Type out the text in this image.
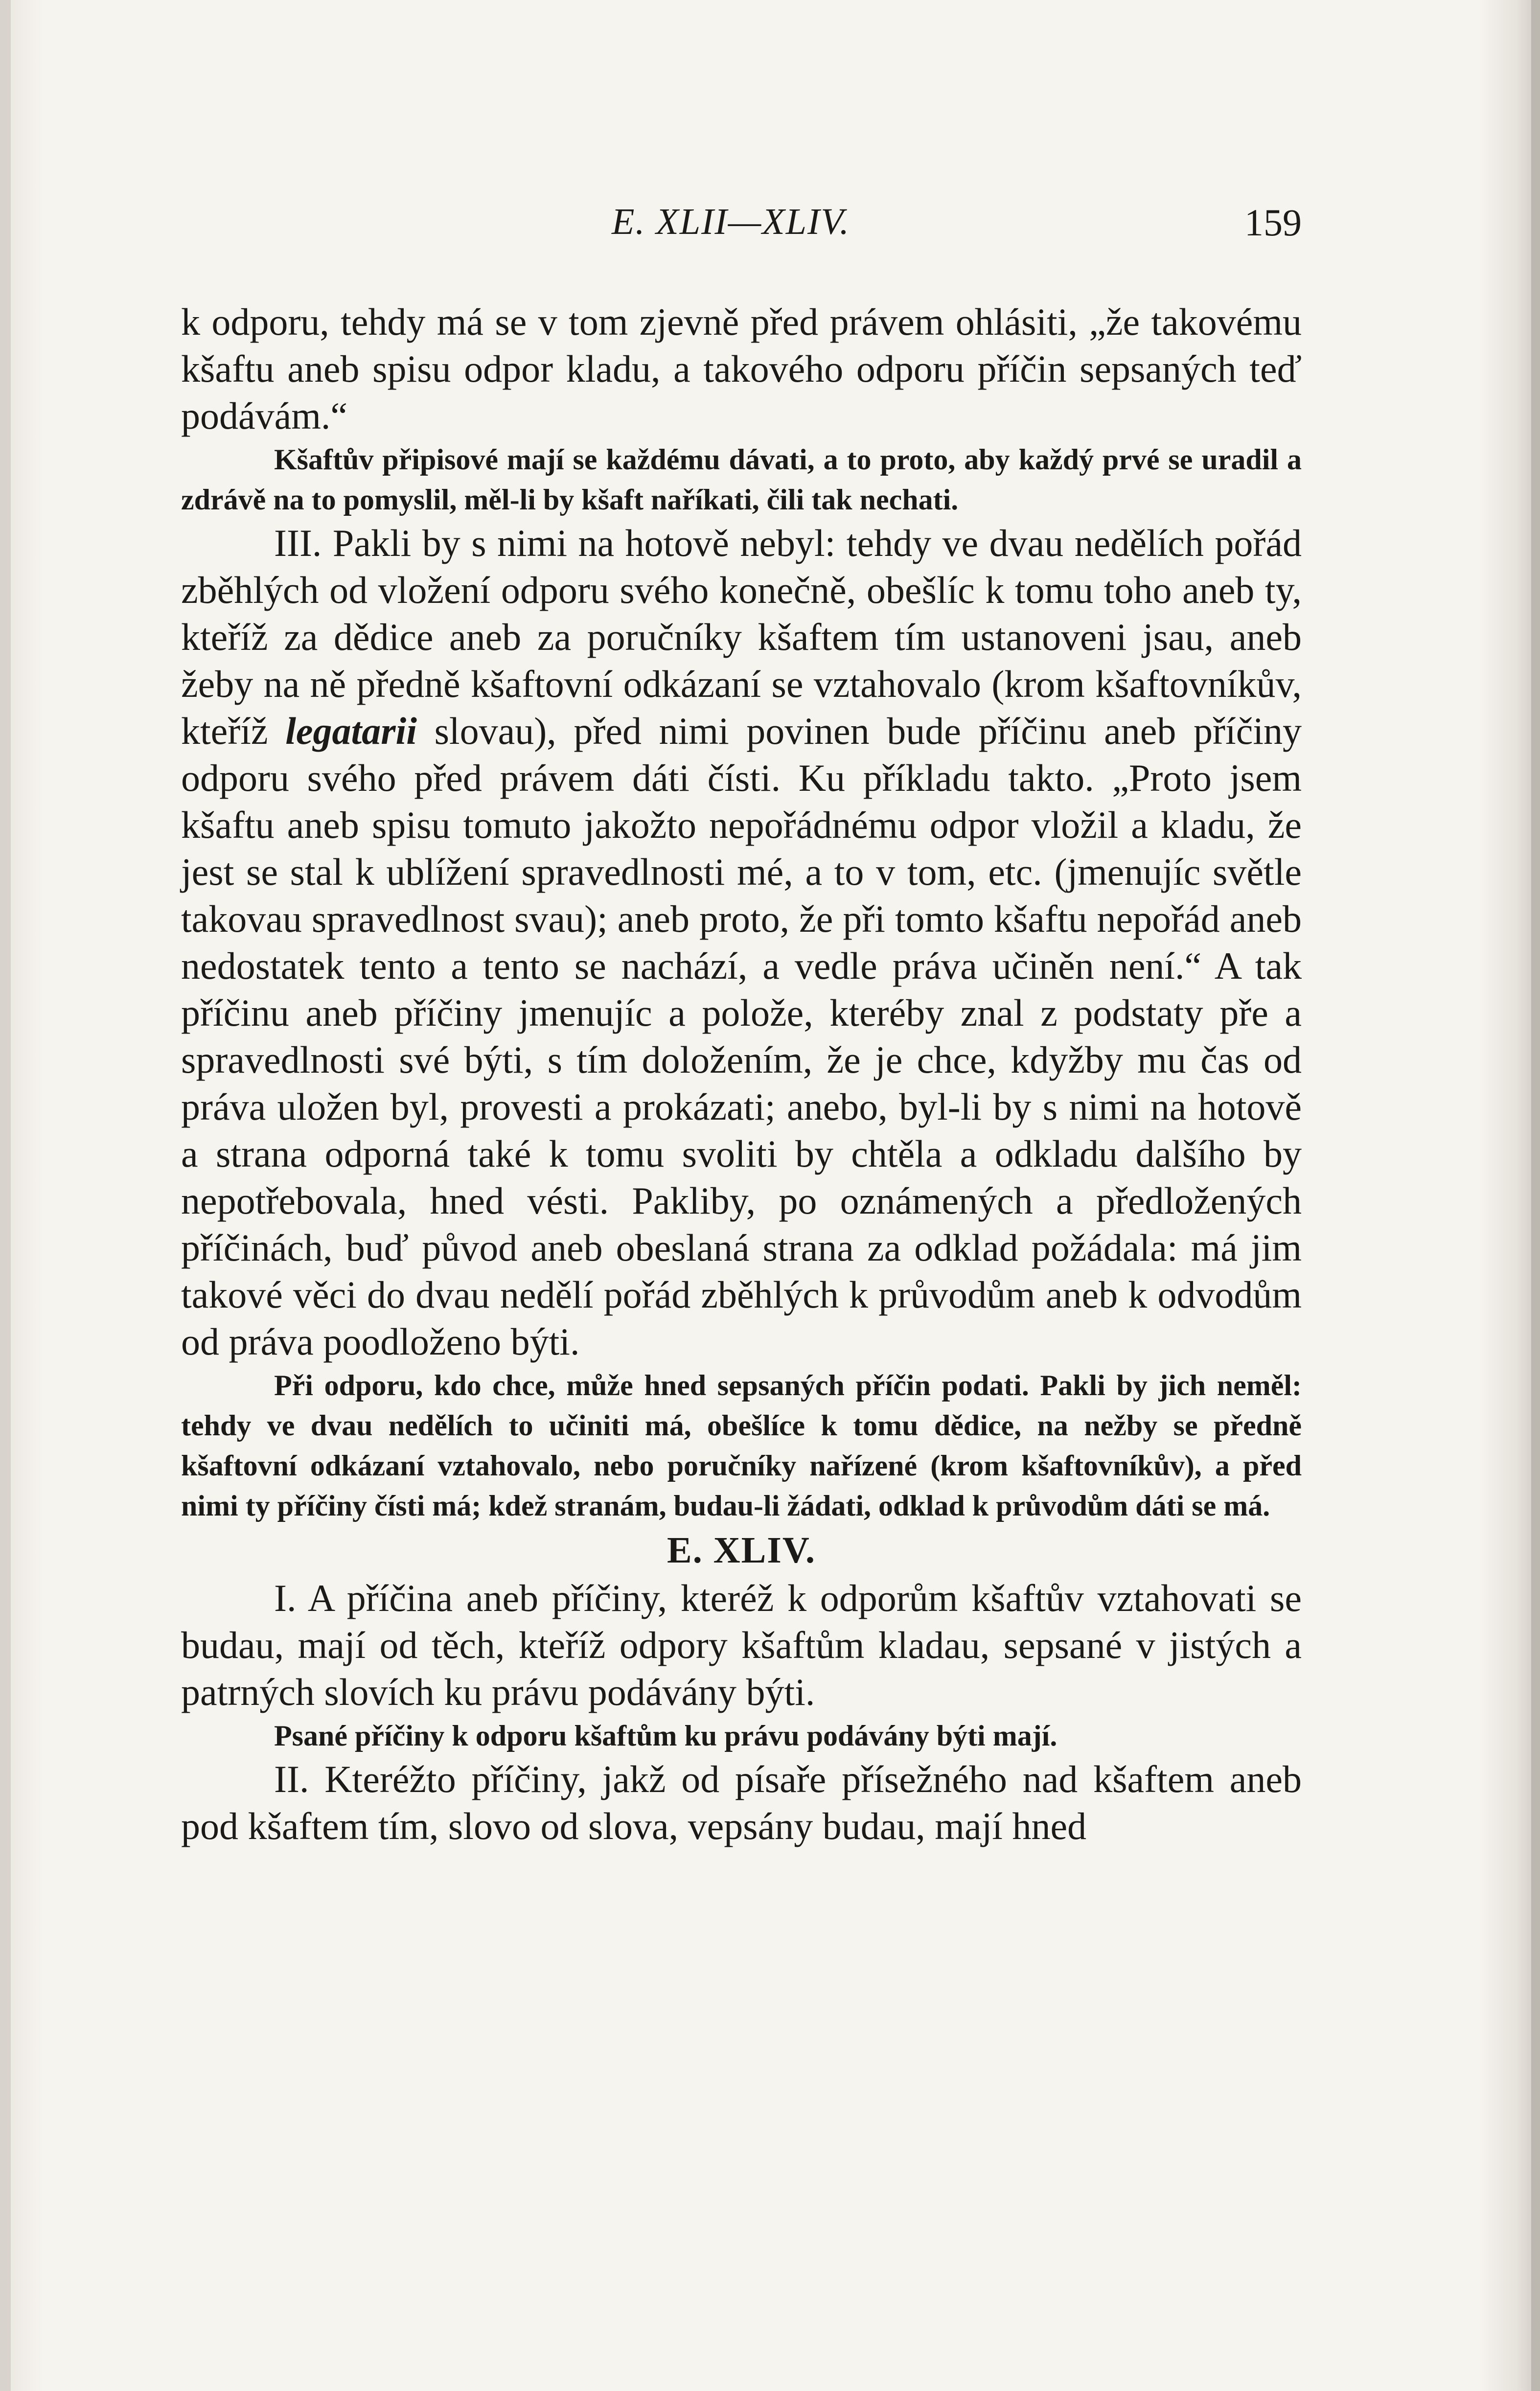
E. XLII—XLIV.	159

k odporu, tehdy má se v tom zjevně před právem ohlásiti, „že takovému kšaftu aneb spisu odpor kladu, a takového odporu příčin sepsaných teď podávám.“

Kšaftův připisové mají se každému dávati, a to proto, aby každý prvé se uradil a zdrávě na to pomyslil, měl-li by kšaft naříkati, čili tak nechati.

III. Pakli by s nimi na hotově nebyl: tehdy ve dvau nedělích pořád zběhlých od vložení odporu svého konečně, obešlíc k tomu toho aneb ty, kteříž za dědice aneb za poručníky kšaftem tím ustanoveni jsau, aneb žeby na ně předně kšaftovní odkázaní se vztahovalo (krom kšaftovníkův, kteříž legatarii slovau), před nimi povinen bude příčinu aneb příčiny odporu svého před právem dáti čísti. Ku příkladu takto. „Proto jsem kšaftu aneb spisu tomuto jakožto nepořádnému odpor vložil a kladu, že jest se stal k ublížení spravedlnosti mé, a to v tom, etc. (jmenujíc světle takovau spravedlnost svau); aneb proto, že při tomto kšaftu nepořád aneb nedostatek tento a tento se nachází, a vedle práva učiněn není.“ A tak příčinu aneb příčiny jmenujíc a polože, kteréby znal z podstaty pře a spravedlnosti své býti, s tím doložením, že je chce, kdyžby mu čas od práva uložen byl, provesti a prokázati; anebo, byl-li by s nimi na hotově a strana odporná také k tomu svoliti by chtěla a odkladu dalšího by nepotřebovala, hned vésti. Pakliby, po oznámených a předložených příčinách, buď původ aneb obeslaná strana za odklad požádala: má jim takové věci do dvau nedělí pořád zběhlých k průvodům aneb k odvodům od práva poodloženo býti.

Při odporu, kdo chce, může hned sepsaných příčin podati. Pakli by jich neměl: tehdy ve dvau nedělích to učiniti má, obešlíce k tomu dědice, na nežby se předně kšaftovní odkázaní vztahovalo, nebo poručníky nařízené (krom kšaftovníkův), a před nimi ty příčiny čísti má; kdež stranám, budau-li žádati, odklad k průvodům dáti se má.

E. XLIV.

I. A příčina aneb příčiny, kteréž k odporům kšaftův vztahovati se budau, mají od těch, kteříž odpory kšaftům kladau, sepsané v jistých a patrných slovích ku právu podávány býti.

Psané příčiny k odporu kšaftům ku právu podávány býti mají.

II. Kteréžto příčiny, jakž od písaře přísežného nad kšaftem aneb pod kšaftem tím, slovo od slova, vepsány budau, mají hned
